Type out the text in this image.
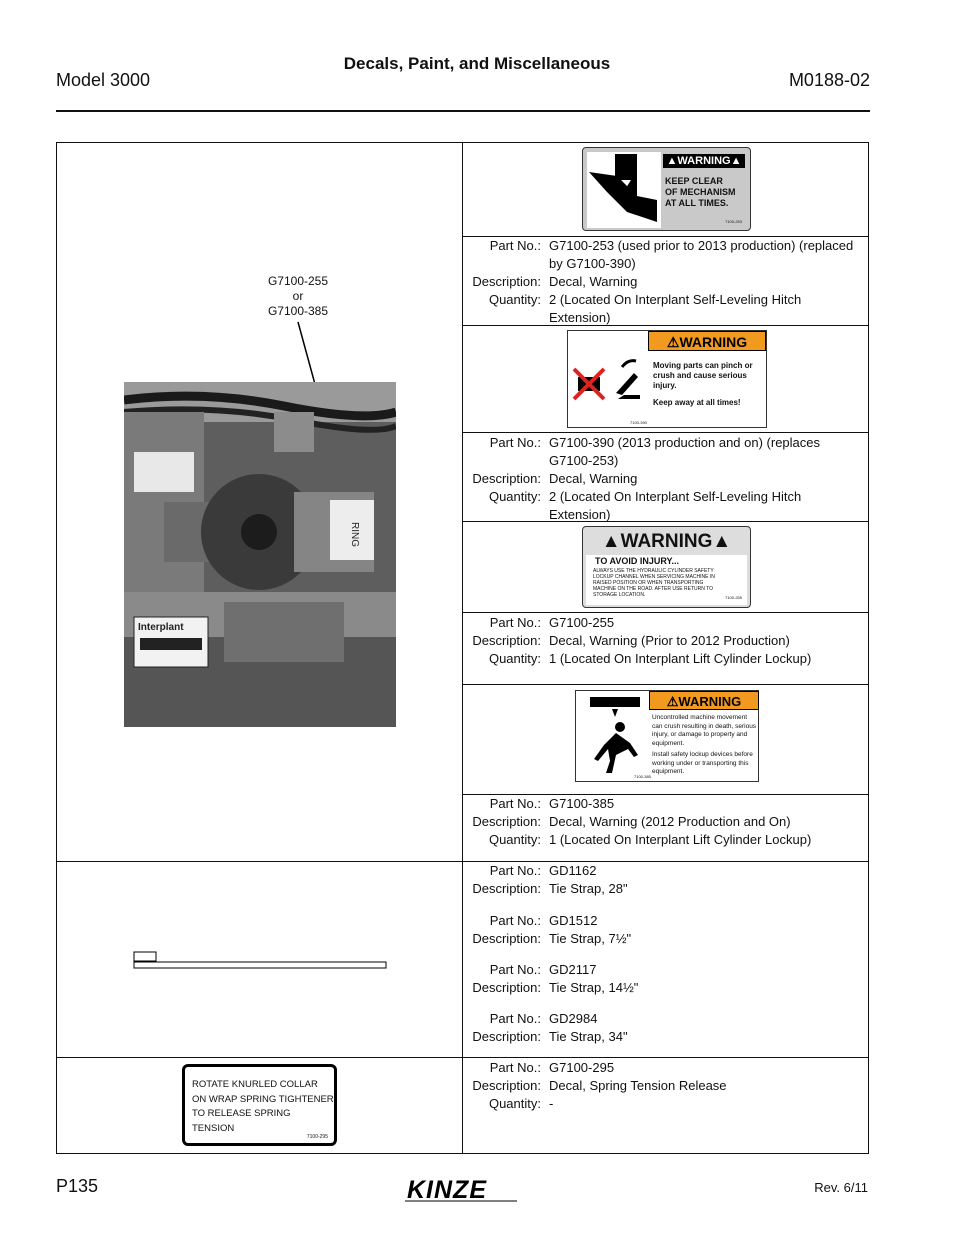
Decals, Paint, and Miscellaneous
Model 3000	M0188-02
G7100-255
or
G7100-385
RING
Interplant
▲WARNING▲
KEEP CLEAR
OF MECHANISM
AT ALL TIMES.
7100-253
Part No.: G7100-253 (used prior to 2013 production) (replaced by G7100-390)
Description: Decal, Warning
Quantity: 2 (Located On Interplant Self-Leveling Hitch Extension)
⚠WARNING
Moving parts can pinch or crush and cause serious injury.
Keep away at all times!
7100-390
Part No.: G7100-390 (2013 production and on) (replaces G7100-253)
Description: Decal, Warning
Quantity: 2 (Located On Interplant Self-Leveling Hitch Extension)
▲WARNING▲
TO AVOID INJURY...
ALWAYS USE THE HYDRAULIC CYLINDER SAFETY LOCKUP CHANNEL WHEN SERVICING MACHINE IN RAISED POSITION OR WHEN TRANSPORTING MACHINE ON THE ROAD. AFTER USE RETURN TO STORAGE LOCATION.	7100-255
Part No.: G7100-255
Description: Decal, Warning (Prior to 2012 Production)
Quantity: 1 (Located On Interplant Lift Cylinder Lockup)
⚠WARNING
Uncontrolled machine movement can crush resulting in death, serious injury, or damage to property and equipment.
Install safety lockup devices before working under or transporting this equipment.
7100-385
Part No.: G7100-385
Description: Decal, Warning (2012 Production and On)
Quantity: 1 (Located On Interplant Lift Cylinder Lockup)
Part No.: GD1162
Description: Tie Strap, 28"
Part No.: GD1512
Description: Tie Strap, 7½"
Part No.: GD2117
Description: Tie Strap, 14½"
Part No.: GD2984
Description: Tie Strap, 34"
ROTATE KNURLED COLLAR
ON WRAP SPRING TIGHTENER
TO RELEASE SPRING
TENSION
7100-295
Part No.: G7100-295
Description: Decal, Spring Tension Release
Quantity: -
P135	KINZE	Rev. 6/11
